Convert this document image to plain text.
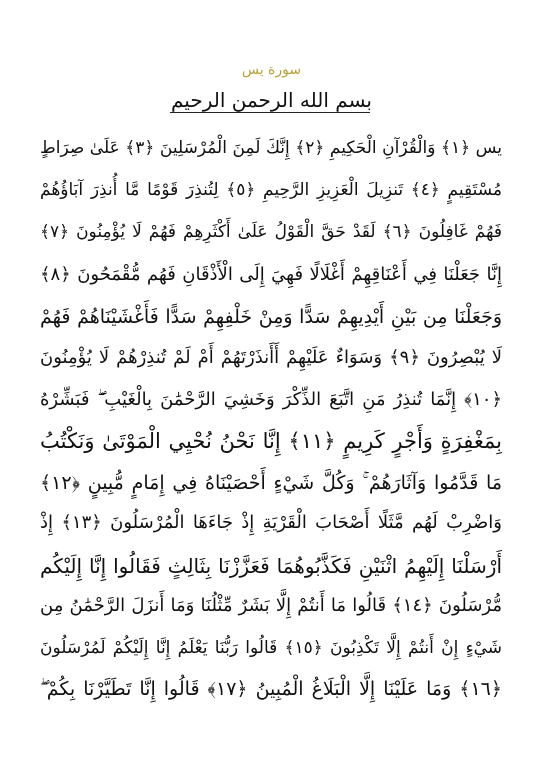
سورة يس
بسم الله الرحمن الرحيم
يس ﴿١﴾ وَالْقُرْآنِ الْحَكِيمِ ﴿٢﴾ إِنَّكَ لَمِنَ الْمُرْسَلِينَ ﴿٣﴾ عَلَىٰ صِرَاطٍ
مُسْتَقِيمٍ ﴿٤﴾ تَنزِيلَ الْعَزِيزِ الرَّحِيمِ ﴿٥﴾ لِتُنذِرَ قَوْمًا مَّا أُنذِرَ آبَاؤُهُمْ
فَهُمْ غَافِلُونَ ﴿٦﴾ لَقَدْ حَقَّ الْقَوْلُ عَلَىٰ أَكْثَرِهِمْ فَهُمْ لَا يُؤْمِنُونَ ﴿٧﴾
إِنَّا جَعَلْنَا فِي أَعْنَاقِهِمْ أَغْلَالًا فَهِيَ إِلَى الْأَذْقَانِ فَهُم مُّقْمَحُونَ ﴿٨﴾
وَجَعَلْنَا مِن بَيْنِ أَيْدِيهِمْ سَدًّا وَمِنْ خَلْفِهِمْ سَدًّا فَأَغْشَيْنَاهُمْ فَهُمْ
لَا يُبْصِرُونَ ﴿٩﴾ وَسَوَاءٌ عَلَيْهِمْ أَأَنذَرْتَهُمْ أَمْ لَمْ تُنذِرْهُمْ لَا يُؤْمِنُونَ
﴿١٠﴾ إِنَّمَا تُنذِرُ مَنِ اتَّبَعَ الذِّكْرَ وَخَشِيَ الرَّحْمَٰنَ بِالْغَيْبِ ۖ فَبَشِّرْهُ
بِمَغْفِرَةٍ وَأَجْرٍ كَرِيمٍ ﴿١١﴾ إِنَّا نَحْنُ نُحْيِي الْمَوْتَىٰ وَنَكْتُبُ
مَا قَدَّمُوا وَآثَارَهُمْ ۚ وَكُلَّ شَيْءٍ أَحْصَيْنَاهُ فِي إِمَامٍ مُّبِينٍ ﴿١٢﴾
وَاضْرِبْ لَهُم مَّثَلًا أَصْحَابَ الْقَرْيَةِ إِذْ جَاءَهَا الْمُرْسَلُونَ ﴿١٣﴾ إِذْ
أَرْسَلْنَا إِلَيْهِمُ اثْنَيْنِ فَكَذَّبُوهُمَا فَعَزَّزْنَا بِثَالِثٍ فَقَالُوا إِنَّا إِلَيْكُم
مُّرْسَلُونَ ﴿١٤﴾ قَالُوا مَا أَنتُمْ إِلَّا بَشَرٌ مِّثْلُنَا وَمَا أَنزَلَ الرَّحْمَٰنُ مِن
شَيْءٍ إِنْ أَنتُمْ إِلَّا تَكْذِبُونَ ﴿١٥﴾ قَالُوا رَبُّنَا يَعْلَمُ إِنَّا إِلَيْكُمْ لَمُرْسَلُونَ
﴿١٦﴾ وَمَا عَلَيْنَا إِلَّا الْبَلَاغُ الْمُبِينُ ﴿١٧﴾ قَالُوا إِنَّا تَطَيَّرْنَا بِكُمْ ۖ
